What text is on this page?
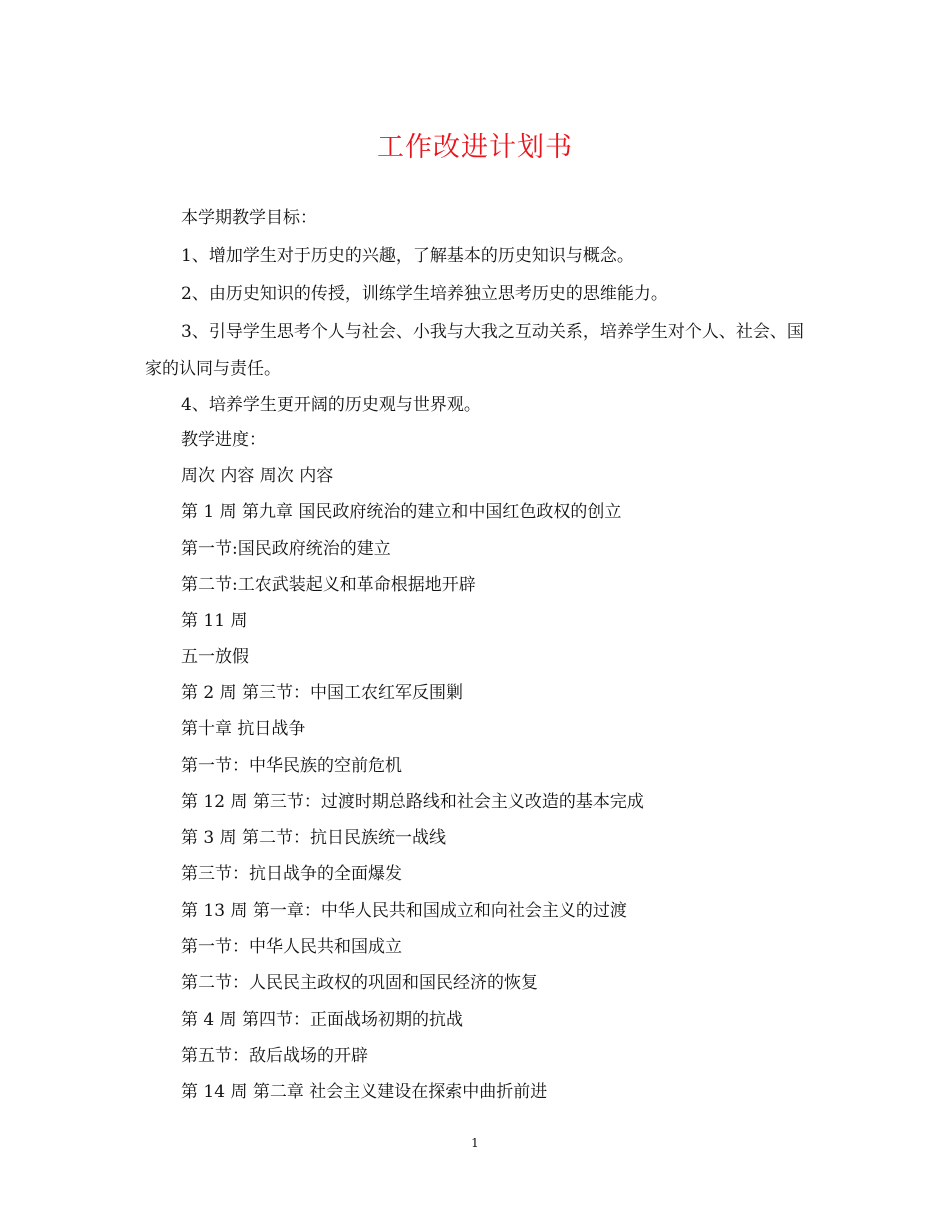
工作改进计划书
本学期教学目标：
1、增加学生对于历史的兴趣，了解基本的历史知识与概念。
2、由历史知识的传授，训练学生培养独立思考历史的思维能力。
3、引导学生思考个人与社会、小我与大我之互动关系，培养学生对个人、社会、国家的认同与责任。
4、培养学生更开阔的历史观与世界观。
教学进度：
周次 内容 周次 内容
第 1 周 第九章 国民政府统治的建立和中国红色政权的创立
第一节:国民政府统治的建立
第二节:工农武装起义和革命根据地开辟
第 11 周
五一放假
第 2 周 第三节：中国工农红军反围剿
第十章 抗日战争
第一节：中华民族的空前危机
第 12 周 第三节：过渡时期总路线和社会主义改造的基本完成
第 3 周 第二节：抗日民族统一战线
第三节：抗日战争的全面爆发
第 13 周 第一章：中华人民共和国成立和向社会主义的过渡
第一节：中华人民共和国成立
第二节：人民民主政权的巩固和国民经济的恢复
第 4 周 第四节：正面战场初期的抗战
第五节：敌后战场的开辟
第 14 周 第二章 社会主义建设在探索中曲折前进
1
